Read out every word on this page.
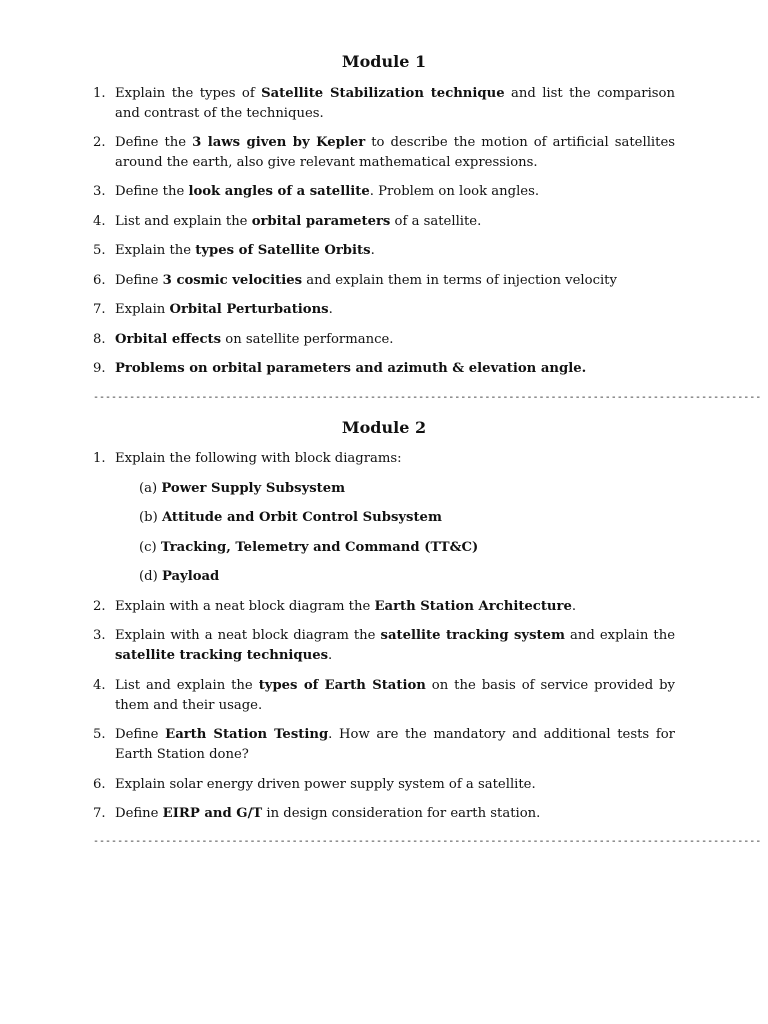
Module 1
1. Explain the types of Satellite Stabilization technique and list the comparison and contrast of the techniques.
2. Define the 3 laws given by Kepler to describe the motion of artificial satellites around the earth, also give relevant mathematical expressions.
3. Define the look angles of a satellite. Problem on look angles.
4. List and explain the orbital parameters of a satellite.
5. Explain the types of Satellite Orbits.
6. Define 3 cosmic velocities and explain them in terms of injection velocity
7. Explain Orbital Perturbations.
8. Orbital effects on satellite performance.
9. Problems on orbital parameters and azimuth & elevation angle.
---------------------------------------------------------------------------------------------------------------
Module 2
1. Explain the following with block diagrams:
(a) Power Supply Subsystem
(b) Attitude and Orbit Control Subsystem
(c) Tracking, Telemetry and Command (TT&C)
(d) Payload
2. Explain with a neat block diagram the Earth Station Architecture.
3. Explain with a neat block diagram the satellite tracking system and explain the satellite tracking techniques.
4. List and explain the types of Earth Station on the basis of service provided by them and their usage.
5. Define Earth Station Testing. How are the mandatory and additional tests for Earth Station done?
6. Explain solar energy driven power supply system of a satellite.
7. Define EIRP and G/T in design consideration for earth station.
---------------------------------------------------------------------------------------------------------------
